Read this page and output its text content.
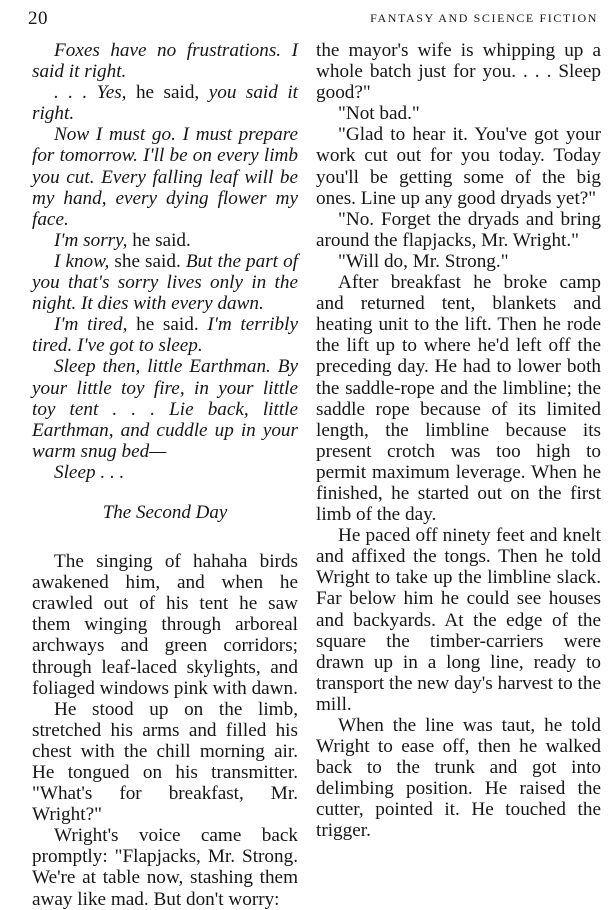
20	FANTASY AND SCIENCE FICTION

Foxes have no frustrations. I said it right.

. . . Yes, he said, you said it right.

Now I must go. I must prepare for tomorrow. I'll be on every limb you cut. Every falling leaf will be my hand, every dying flower my face.

I'm sorry, he said.

I know, she said. But the part of you that's sorry lives only in the night. It dies with every dawn.

I'm tired, he said. I'm terribly tired. I've got to sleep.

Sleep then, little Earthman. By your little toy fire, in your little toy tent . . . Lie back, little Earthman, and cuddle up in your warm snug bed—

Sleep . . .

The Second Day

The singing of hahaha birds awakened him, and when he crawled out of his tent he saw them winging through arboreal archways and green corridors; through leaf-laced skylights, and foliaged windows pink with dawn.

He stood up on the limb, stretched his arms and filled his chest with the chill morning air. He tongued on his transmitter. "What's for breakfast, Mr. Wright?"

Wright's voice came back promptly: "Flapjacks, Mr. Strong. We're at table now, stashing them away like mad. But don't worry:

the mayor's wife is whipping up a whole batch just for you. . . . Sleep good?"

"Not bad."

"Glad to hear it. You've got your work cut out for you today. Today you'll be getting some of the big ones. Line up any good dryads yet?"

"No. Forget the dryads and bring around the flapjacks, Mr. Wright."

"Will do, Mr. Strong."

After breakfast he broke camp and returned tent, blankets and heating unit to the lift. Then he rode the lift up to where he'd left off the preceding day. He had to lower both the saddle-rope and the limbline; the saddle rope because of its limited length, the limbline because its present crotch was too high to permit maximum leverage. When he finished, he started out on the first limb of the day.

He paced off ninety feet and knelt and affixed the tongs. Then he told Wright to take up the limbline slack. Far below him he could see houses and backyards. At the edge of the square the timber-carriers were drawn up in a long line, ready to transport the new day's harvest to the mill.

When the line was taut, he told Wright to ease off, then he walked back to the trunk and got into delimbing position. He raised the cutter, pointed it. He touched the trigger.
